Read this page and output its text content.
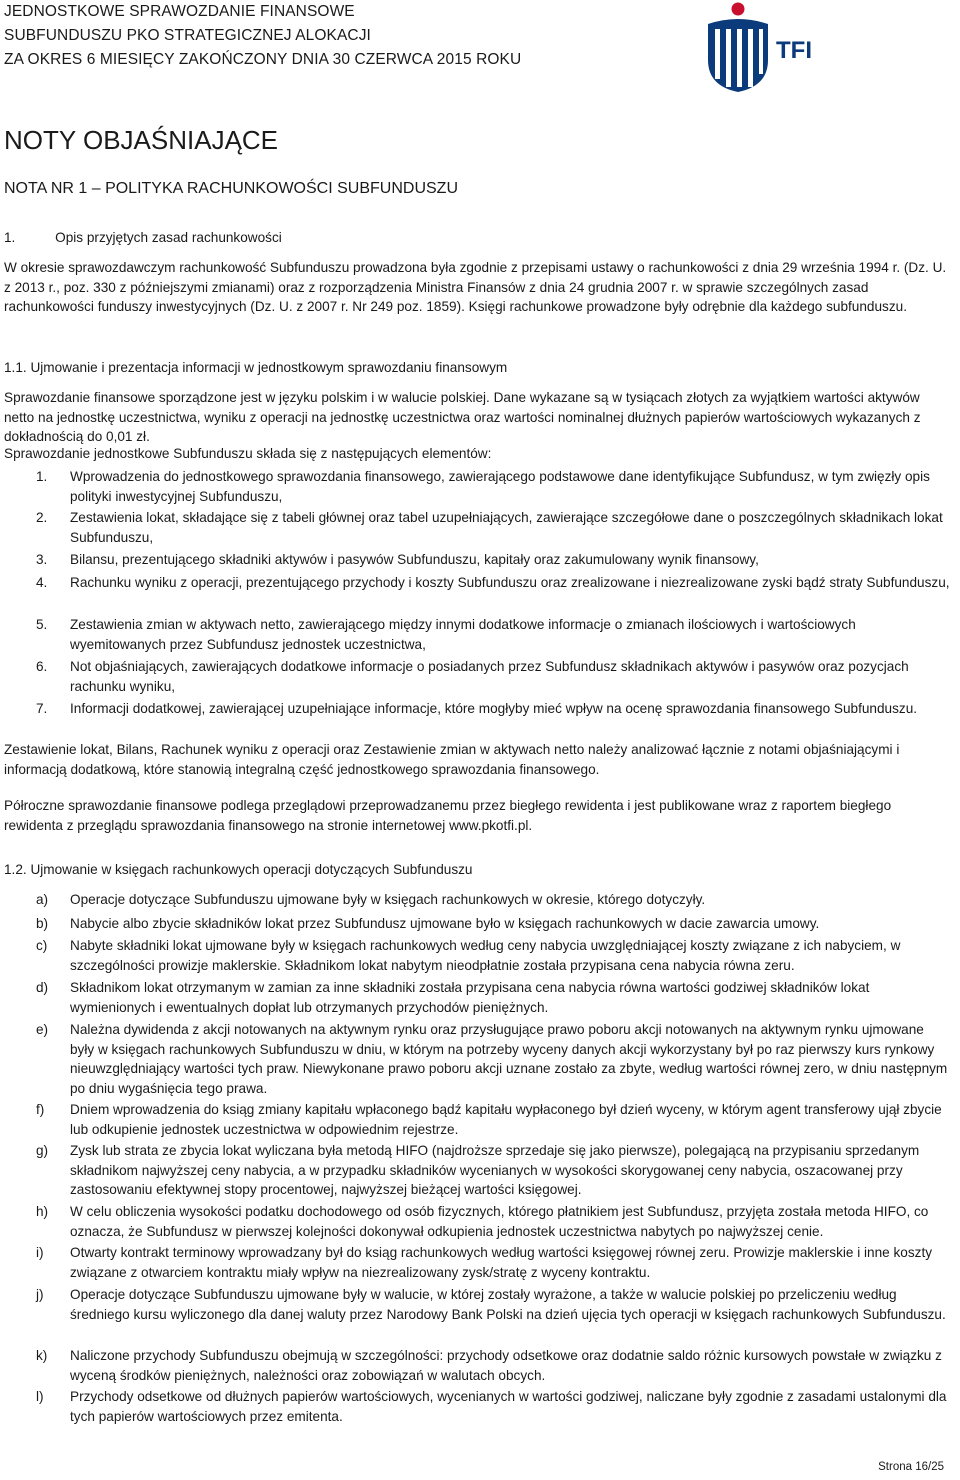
JEDNOSTKOWE SPRAWOZDANIE FINANSOWE
SUBFUNDUSZU PKO STRATEGICZNEJ ALOKACJI
ZA OKRES 6 MIESIĘCY ZAKOŃCZONY DNIA 30 CZERWCA 2015 ROKU	TFI
NOTY OBJAŚNIAJĄCE
NOTA NR 1 – POLITYKA RACHUNKOWOŚCI SUBFUNDUSZU
1.	Opis przyjętych zasad rachunkowości
W okresie sprawozdawczym rachunkowość Subfunduszu prowadzona była zgodnie z przepisami ustawy o rachunkowości z dnia 29 września 1994 r. (Dz. U. z 2013 r., poz. 330 z późniejszymi zmianami) oraz z rozporządzenia Ministra Finansów z dnia 24 grudnia 2007 r. w sprawie szczególnych zasad rachunkowości funduszy inwestycyjnych (Dz. U. z 2007 r. Nr 249 poz. 1859). Księgi rachunkowe prowadzone były odrębnie dla każdego subfunduszu.
1.1. Ujmowanie i prezentacja informacji w jednostkowym sprawozdaniu finansowym
Sprawozdanie finansowe sporządzone jest w języku polskim i w walucie polskiej. Dane wykazane są w tysiącach złotych za wyjątkiem wartości aktywów netto na jednostkę uczestnictwa, wyniku z operacji na jednostkę uczestnictwa oraz wartości nominalnej dłużnych papierów wartościowych wykazanych z dokładnością do 0,01 zł.
Sprawozdanie jednostkowe Subfunduszu składa się z następujących elementów:
1. Wprowadzenia do jednostkowego sprawozdania finansowego, zawierającego podstawowe dane identyfikujące Subfundusz, w tym zwięzły opis polityki inwestycyjnej Subfunduszu,
2. Zestawienia lokat, składające się z tabeli głównej oraz tabel uzupełniających, zawierające szczegółowe dane o poszczególnych składnikach lokat Subfunduszu,
3. Bilansu, prezentującego składniki aktywów i pasywów Subfunduszu, kapitały oraz zakumulowany wynik finansowy,
4. Rachunku wyniku z operacji, prezentującego przychody i koszty Subfunduszu oraz zrealizowane i niezrealizowane zyski bądź straty Subfunduszu,
5. Zestawienia zmian w aktywach netto, zawierającego między innymi dodatkowe informacje o zmianach ilościowych i wartościowych wyemitowanych przez Subfundusz jednostek uczestnictwa,
6. Not objaśniających, zawierających dodatkowe informacje o posiadanych przez Subfundusz składnikach aktywów i pasywów oraz pozycjach rachunku wyniku,
7. Informacji dodatkowej, zawierającej uzupełniające informacje, które mogłyby mieć wpływ na ocenę sprawozdania finansowego Subfunduszu.
Zestawienie lokat, Bilans, Rachunek wyniku z operacji oraz Zestawienie zmian w aktywach netto należy analizować łącznie z notami objaśniającymi i informacją dodatkową, które stanowią integralną część jednostkowego sprawozdania finansowego.
Półroczne sprawozdanie finansowe podlega przeglądowi przeprowadzanemu przez biegłego rewidenta i jest publikowane wraz z raportem biegłego rewidenta z przeglądu sprawozdania finansowego na stronie internetowej www.pkotfi.pl.
1.2. Ujmowanie w księgach rachunkowych operacji dotyczących Subfunduszu
a) Operacje dotyczące Subfunduszu ujmowane były w księgach rachunkowych w okresie, którego dotyczyły.
b) Nabycie albo zbycie składników lokat przez Subfundusz ujmowane było w księgach rachunkowych w dacie zawarcia umowy.
c) Nabyte składniki lokat ujmowane były w księgach rachunkowych według ceny nabycia uwzględniającej koszty związane z ich nabyciem, w szczególności prowizje maklerskie. Składnikom lokat nabytym nieodpłatnie została przypisana cena nabycia równa zeru.
d) Składnikom lokat otrzymanym w zamian za inne składniki została przypisana cena nabycia równa wartości godziwej składników lokat wymienionych i ewentualnych dopłat lub otrzymanych przychodów pieniężnych.
e) Należna dywidenda z akcji notowanych na aktywnym rynku oraz przysługujące prawo poboru akcji notowanych na aktywnym rynku ujmowane były w księgach rachunkowych Subfunduszu w dniu, w którym na potrzeby wyceny danych akcji wykorzystany był po raz pierwszy kurs rynkowy nieuwzględniający wartości tych praw. Niewykonane prawo poboru akcji uznane zostało za zbyte, według wartości równej zero, w dniu następnym po dniu wygaśnięcia tego prawa.
f) Dniem wprowadzenia do ksiąg zmiany kapitału wpłaconego bądź kapitału wypłaconego był dzień wyceny, w którym agent transferowy ujął zbycie lub odkupienie jednostek uczestnictwa w odpowiednim rejestrze.
g) Zysk lub strata ze zbycia lokat wyliczana była metodą HIFO (najdroższe sprzedaje się jako pierwsze), polegającą na przypisaniu sprzedanym składnikom najwyższej ceny nabycia, a w przypadku składników wycenianych w wysokości skorygowanej ceny nabycia, oszacowanej przy zastosowaniu efektywnej stopy procentowej, najwyższej bieżącej wartości księgowej.
h) W celu obliczenia wysokości podatku dochodowego od osób fizycznych, którego płatnikiem jest Subfundusz, przyjęta została metoda HIFO, co oznacza, że Subfundusz w pierwszej kolejności dokonywał odkupienia jednostek uczestnictwa nabytych po najwyższej cenie.
i) Otwarty kontrakt terminowy wprowadzany był do ksiąg rachunkowych według wartości księgowej równej zeru. Prowizje maklerskie i inne koszty związane z otwarciem kontraktu miały wpływ na niezrealizowany zysk/stratę z wyceny kontraktu.
j) Operacje dotyczące Subfunduszu ujmowane były w walucie, w której zostały wyrażone, a także w walucie polskiej po przeliczeniu według średniego kursu wyliczonego dla danej waluty przez Narodowy Bank Polski na dzień ujęcia tych operacji w księgach rachunkowych Subfunduszu.
k) Naliczone przychody Subfunduszu obejmują w szczególności: przychody odsetkowe oraz dodatnie saldo różnic kursowych powstałe w związku z wyceną środków pieniężnych, należności oraz zobowiązań w walutach obcych.
l) Przychody odsetkowe od dłużnych papierów wartościowych, wycenianych w wartości godziwej, naliczane były zgodnie z zasadami ustalonymi dla tych papierów wartościowych przez emitenta.
Strona 16/25
